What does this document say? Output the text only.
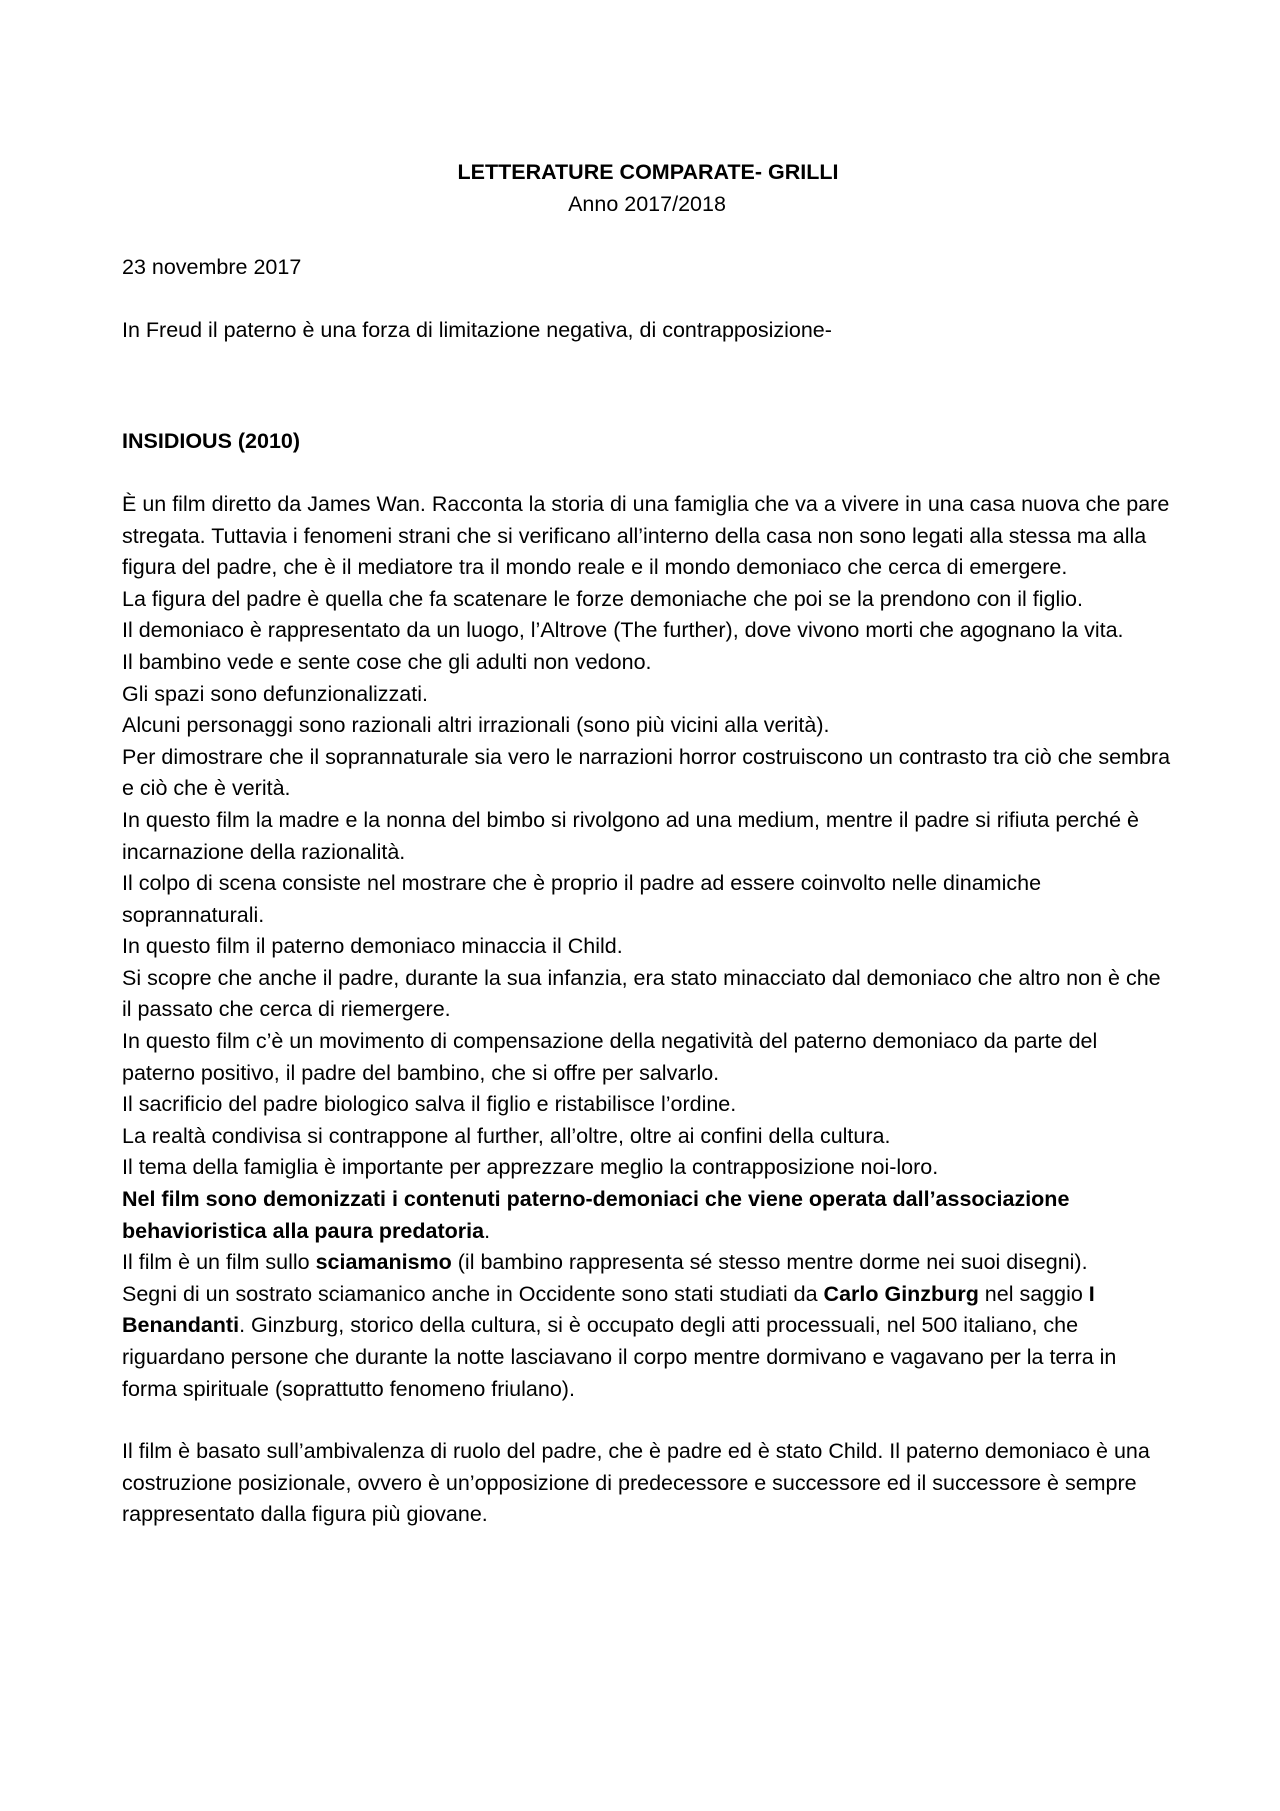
LETTERATURE COMPARATE- GRILLI

Anno 2017/2018

23 novembre 2017

In Freud il paterno è una forza di limitazione negativa, di contrapposizione-

INSIDIOUS (2010)

È un film diretto da James Wan. Racconta la storia di una famiglia che va a vivere in una casa nuova che pare stregata. Tuttavia i fenomeni strani che si verificano all’interno della casa non sono legati alla stessa ma alla figura del padre, che è il mediatore tra il mondo reale e il mondo demoniaco che cerca di emergere.

La figura del padre è quella che fa scatenare le forze demoniache che poi se la prendono con il figlio.

Il demoniaco è rappresentato da un luogo, l’Altrove (The further), dove vivono morti che agognano la vita.

Il bambino vede e sente cose che gli adulti non vedono.

Gli spazi sono defunzionalizzati.

Alcuni personaggi sono razionali altri irrazionali (sono più vicini alla verità).

Per dimostrare che il soprannaturale sia vero le narrazioni horror costruiscono un contrasto tra ciò che sembra e ciò che è verità.

In questo film la madre e la nonna del bimbo si rivolgono ad una medium, mentre il padre si rifiuta perché è incarnazione della razionalità.

Il colpo di scena consiste nel mostrare che è proprio il padre ad essere coinvolto nelle dinamiche soprannaturali.

In questo film il paterno demoniaco minaccia il Child.

Si scopre che anche il padre, durante la sua infanzia, era stato minacciato dal demoniaco che altro non è che il passato che cerca di riemergere.

In questo film c’è un movimento di compensazione della negatività del paterno demoniaco da parte del paterno positivo, il padre del bambino, che si offre per salvarlo.

Il sacrificio del padre biologico salva il figlio e ristabilisce l’ordine.

La realtà condivisa si contrappone al further, all’oltre, oltre ai confini della cultura.

Il tema della famiglia è importante per apprezzare meglio la contrapposizione noi-loro.

Nel film sono demonizzati i contenuti paterno-demoniaci che viene operata dall’associazione behavioristica alla paura predatoria.

Il film è un film sullo sciamanismo (il bambino rappresenta sé stesso mentre dorme nei suoi disegni).

Segni di un sostrato sciamanico anche in Occidente sono stati studiati da Carlo Ginzburg nel saggio I Benandanti. Ginzburg, storico della cultura, si è occupato degli atti processuali, nel 500 italiano, che riguardano persone che durante la notte lasciavano il corpo mentre dormivano e vagavano per la terra in forma spirituale (soprattutto fenomeno friulano).

Il film è basato sull’ambivalenza di ruolo del padre, che è padre ed è stato Child. Il paterno demoniaco è una costruzione posizionale, ovvero è un’opposizione di predecessore e successore ed il successore è sempre rappresentato dalla figura più giovane.
